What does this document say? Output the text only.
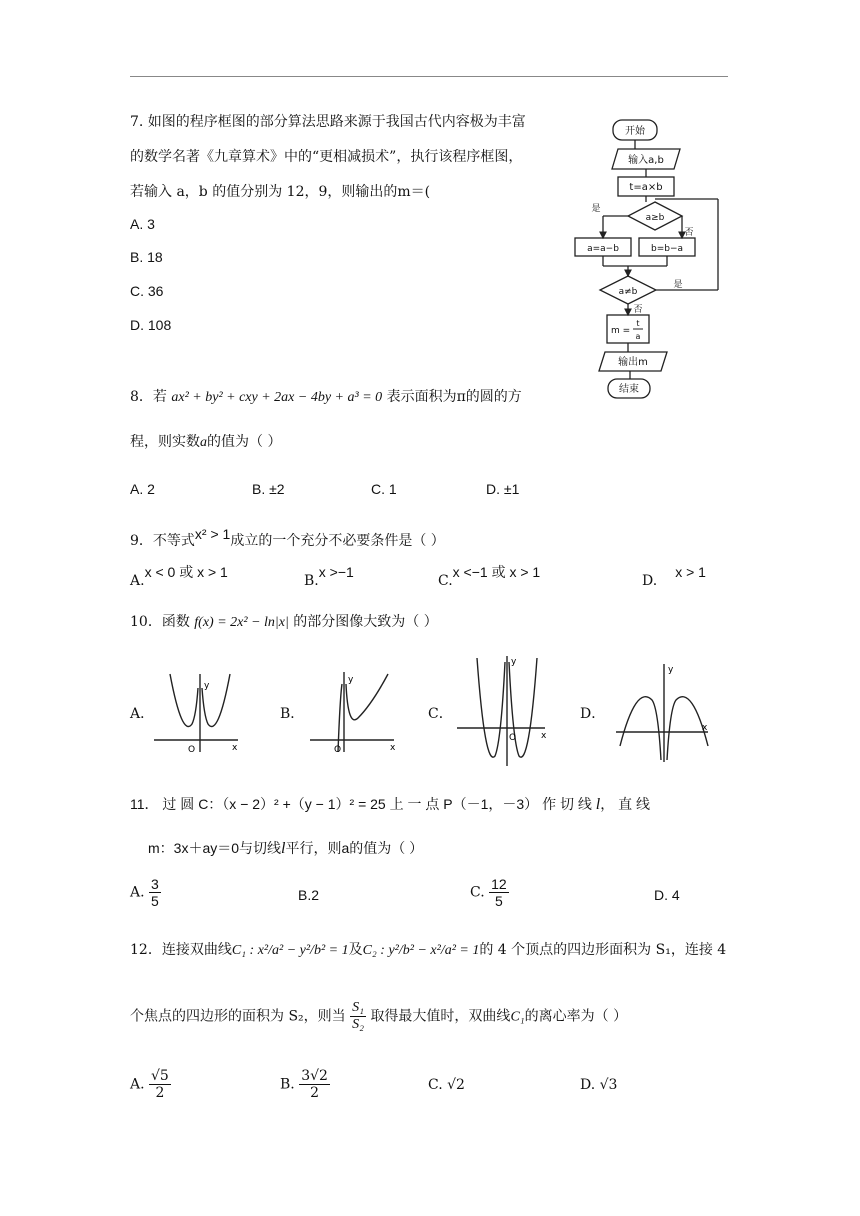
7. 如图的程序框图的部分算法思路来源于我国古代内容极为丰富
的数学名著《九章算术》中的“更相减损术”，执行该程序框图，
若输入 a，b 的值分别为 12，9，则输出的m＝(
A. 3
B. 18
C. 36
D. 108
开始
输入a,b
t=a×b
a≥b
是
否
a=a−b	b=b−a
a≠b
是
否
m =
t
a
输出m
结束
8．若 ax² + by² + cxy + 2ax − 4by + a³ = 0 表示面积为π的圆的方
程，则实数a的值为（ ）
A. 2	B. ±2	C. 1	D. ±1
9．不等式x² > 1成立的一个充分不必要条件是（ ）
A.x < 0 或 x > 1
B.x >−1
C.x <−1 或 x > 1
D.x > 1
10．函数 f(x) = 2x² − ln|x| 的部分图像大致为（ ）
A．	B．	C．	D．
y
x
O
y
x
O
y
x
O
y
x
11． 过 圆 C：（x − 2）² +（y − 1）² = 25 上 一 点 P（－1，－3） 作 切 线 l， 直 线
m：3x＋ay＝0与切线l平行，则a的值为（ ）
A. $\frac{3}{5}$	B.2	C. $\frac{12}{5}$	D. 4
12．连接双曲线C₁ : x²/a² − y²/b² = 1及C₂ : y²/b² − x²/a² = 1的 4 个顶点的四边形面积为 S₁，连接 4
个焦点的四边形的面积为 S₂，则当 $\frac{\text{S₁}}{\text{S₂}}$ 取得最大值时，双曲线C₁的离心率为（ ）
A. $\frac{√5}{2}$	B. $\frac{3√2}{2}$	C. √2	D. √3
